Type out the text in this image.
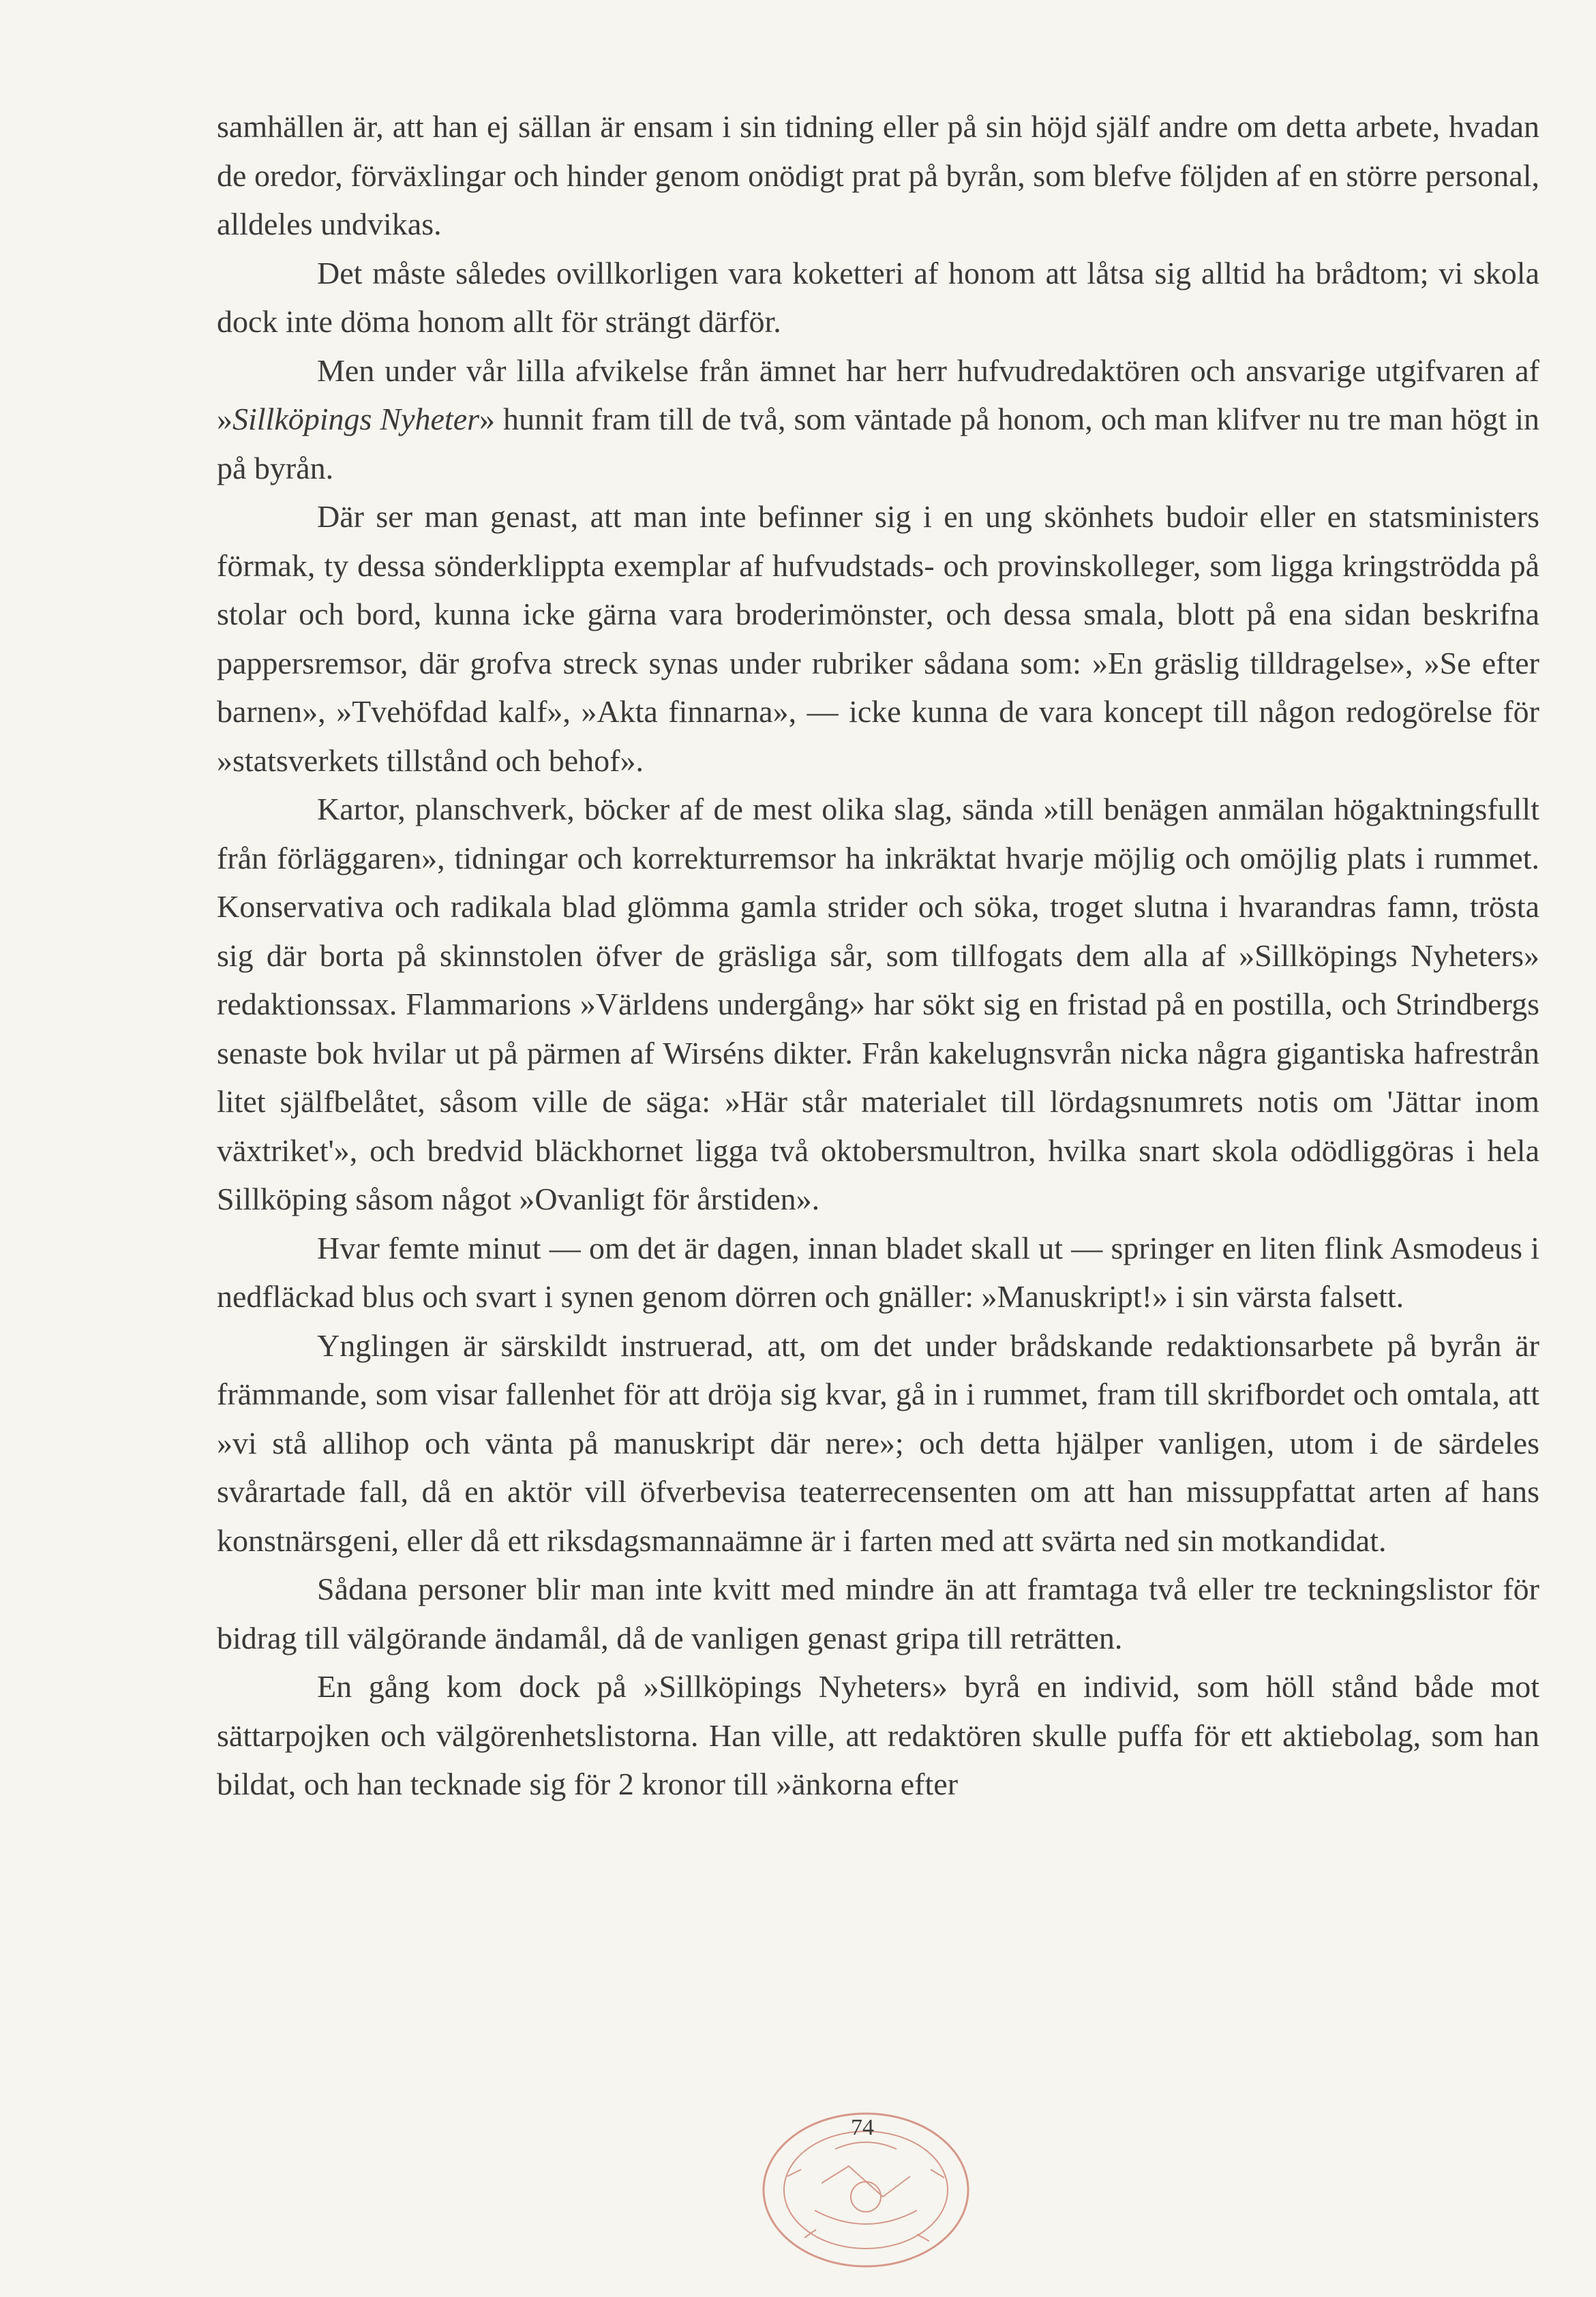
samhällen är, att han ej sällan är ensam i sin tidning eller på sin höjd själf andre om detta arbete, hvadan de oredor, förväxlingar och hinder genom onödigt prat på byrån, som blefve följden af en större personal, alldeles undvikas.

Det måste således ovillkorligen vara koketteri af honom att låtsa sig alltid ha brådtom; vi skola dock inte döma honom allt för strängt därför.

Men under vår lilla afvikelse från ämnet har herr hufvudredaktören och ansvarige utgifvaren af »Sillköpings Nyheter» hunnit fram till de två, som väntade på honom, och man klifver nu tre man högt in på byrån.

Där ser man genast, att man inte befinner sig i en ung skönhets budoir eller en statsministers förmak, ty dessa sönderklippta exemplar af hufvudstads- och provinskolleger, som ligga kringströdda på stolar och bord, kunna icke gärna vara broderimönster, och dessa smala, blott på ena sidan beskrifna pappersremsor, där grofva streck synas under rubriker sådana som: »En gräslig tilldragelse», »Se efter barnen», »Tvehöfdad kalf», »Akta finnarna», — icke kunna de vara koncept till någon redogörelse för »statsverkets tillstånd och behof».

Kartor, planschverk, böcker af de mest olika slag, sända »till benägen anmälan högaktningsfullt från förläggaren», tidningar och korrekturremsor ha inkräktat hvarje möjlig och omöjlig plats i rummet. Konservativa och radikala blad glömma gamla strider och söka, troget slutna i hvarandras famn, trösta sig där borta på skinnstolen öfver de gräsliga sår, som tillfogats dem alla af »Sillköpings Nyheters» redaktionssax. Flammarions »Världens undergång» har sökt sig en fristad på en postilla, och Strindbergs senaste bok hvilar ut på pärmen af Wirséns dikter. Från kakelugnsvrån nicka några gigantiska hafrestrån litet själfbelåtet, såsom ville de säga: »Här står materialet till lördagsnumrets notis om 'Jättar inom växtriket'», och bredvid bläckhornet ligga två oktobersmultron, hvilka snart skola odödliggöras i hela Sillköping såsom något »Ovanligt för årstiden».

Hvar femte minut — om det är dagen, innan bladet skall ut — springer en liten flink Asmodeus i nedfläckad blus och svart i synen genom dörren och gnäller: »Manuskript!» i sin värsta falsett.

Ynglingen är särskildt instruerad, att, om det under brådskande redaktionsarbete på byrån är främmande, som visar fallenhet för att dröja sig kvar, gå in i rummet, fram till skrifbordet och omtala, att »vi stå allihop och vänta på manuskript där nere»; och detta hjälper vanligen, utom i de särdeles svårartade fall, då en aktör vill öfverbevisa teaterrecensenten om att han missuppfattat arten af hans konstnärsgeni, eller då ett riksdagsmannaämne är i farten med att svärta ned sin motkandidat.

Sådana personer blir man inte kvitt med mindre än att framtaga två eller tre teckningslistor för bidrag till välgörande ändamål, då de vanligen genast gripa till reträtten.

En gång kom dock på »Sillköpings Nyheters» byrå en individ, som höll stånd både mot sättarpojken och välgörenhetslistorna. Han ville, att redaktören skulle puffa för ett aktiebolag, som han bildat, och han tecknade sig för 2 kronor till »änkorna efter

74
